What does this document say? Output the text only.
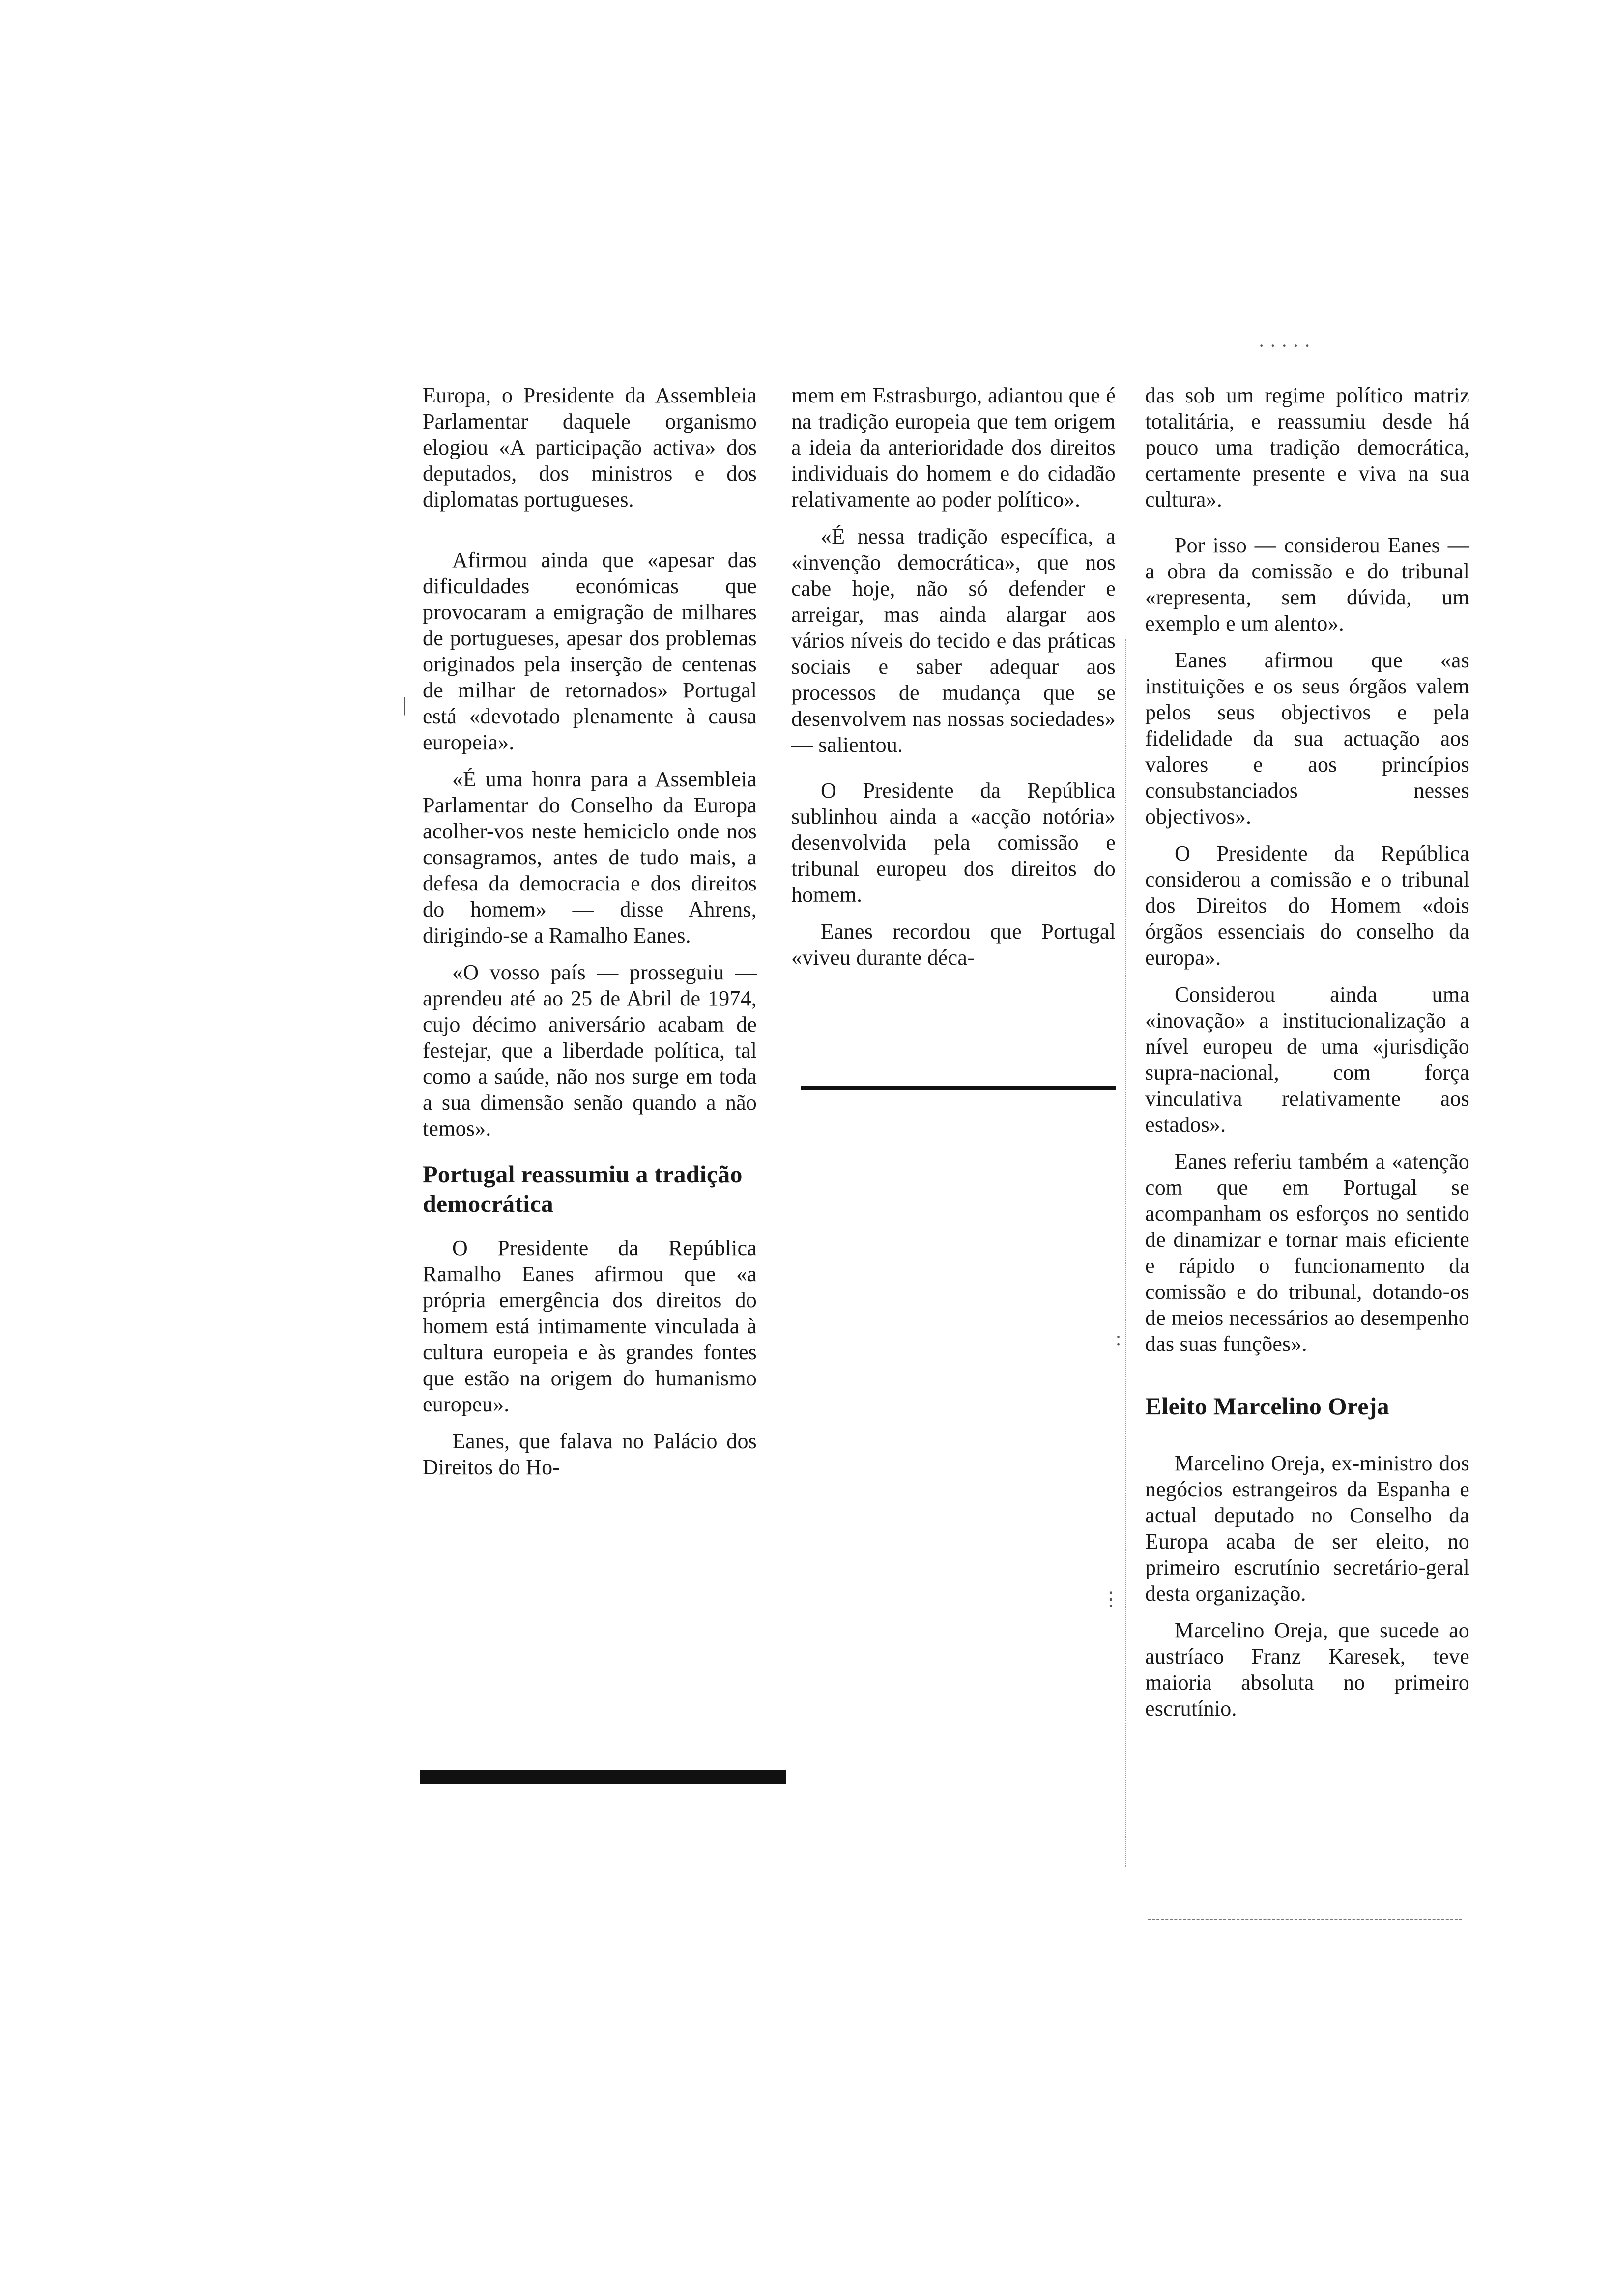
Europa, o Presidente da Assembleia Parlamentar daquele organismo elogiou «A participação activa» dos deputados, dos ministros e dos diplomatas portugueses.

Afirmou ainda que «apesar das dificuldades económicas que provocaram a emigração de milhares de portugueses, apesar dos problemas originados pela inserção de centenas de milhar de retornados» Portugal está «devotado plenamente à causa europeia».

«É uma honra para a Assembleia Parlamentar do Conselho da Europa acolher-vos neste hemiciclo onde nos consagramos, antes de tudo mais, a defesa da democracia e dos direitos do homem» — disse Ahrens, dirigindo-se a Ramalho Eanes.

«O vosso país — prosseguiu — aprendeu até ao 25 de Abril de 1974, cujo décimo aniversário acabam de festejar, que a liberdade política, tal como a saúde, não nos surge em toda a sua dimensão senão quando a não temos».

Portugal reassumiu a tradição democrática

O Presidente da República Ramalho Eanes afirmou que «a própria emergência dos direitos do homem está intimamente vinculada à cultura europeia e às grandes fontes que estão na origem do humanismo europeu».

Eanes, que falava no Palácio dos Direitos do Ho-

mem em Estrasburgo, adiantou que é na tradição europeia que tem origem a ideia da anterioridade dos direitos individuais do homem e do cidadão relativamente ao poder político».

«É nessa tradição específica, a «invenção democrática», que nos cabe hoje, não só defender e arreigar, mas ainda alargar aos vários níveis do tecido e das práticas sociais e saber adequar aos processos de mudança que se desenvolvem nas nossas sociedades» — salientou.

O Presidente da República sublinhou ainda a «acção notória» desenvolvida pela comissão e tribunal europeu dos direitos do homem.

Eanes recordou que Portugal «viveu durante déca-

das sob um regime político matriz totalitária, e reassumiu desde há pouco uma tradição democrática, certamente presente e viva na sua cultura».

Por isso — considerou Eanes — a obra da comissão e do tribunal «representa, sem dúvida, um exemplo e um alento».

Eanes afirmou que «as instituições e os seus órgãos valem pelos seus objectivos e pela fidelidade da sua actuação aos valores e aos princípios consubstanciados nesses objectivos».

O Presidente da República considerou a comissão e o tribunal dos Direitos do Homem «dois órgãos essenciais do conselho da europa».

Considerou ainda uma «inovação» a institucionalização a nível europeu de uma «jurisdição supra-nacional, com força vinculativa relativamente aos estados».

Eanes referiu também a «atenção com que em Portugal se acompanham os esforços no sentido de dinamizar e tornar mais eficiente e rápido o funcionamento da comissão e do tribunal, dotando-os de meios necessários ao desempenho das suas funções».

Eleito Marcelino Oreja

Marcelino Oreja, ex-ministro dos negócios estrangeiros da Espanha e actual deputado no Conselho da Europa acaba de ser eleito, no primeiro escrutínio secretário-geral desta organização.

Marcelino Oreja, que sucede ao austríaco Franz Karesek, teve maioria absoluta no primeiro escrutínio.

· · · · ·
|
:
⋮
